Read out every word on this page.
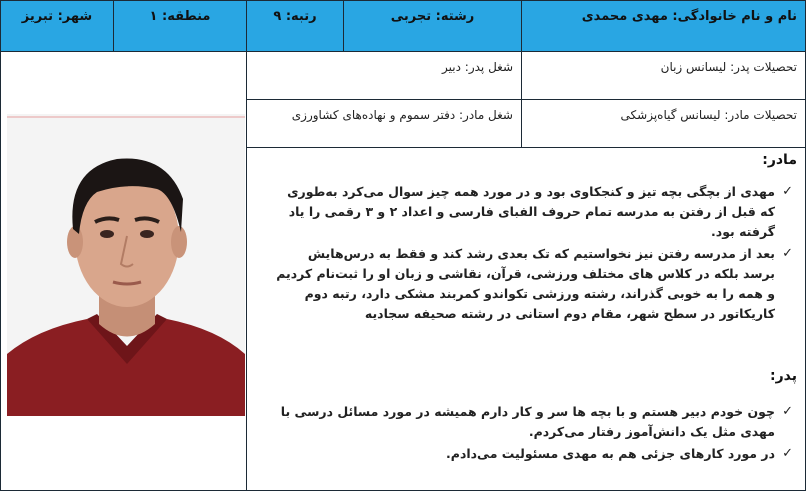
نام و نام خانوادگی: مهدی محمدی
رشته: تجربی
رتبه: ۹
منطقه: ۱
شهر: تبریز
تحصیلات پدر: لیسانس زبان
شغل پدر: دبیر
تحصیلات مادر: لیسانس گیاه‌پزشکی
شغل مادر: دفتر سموم و نهاده‌های کشاورزی
مادر:
✓
مهدی از بچگی بچه تیز و کنجکاوی بود و در مورد همه چیز سوال می‌کرد به‌طوری که قبل از رفتن به مدرسه تمام حروف الفبای فارسی و اعداد ۲ و ۳ رقمی را یاد گرفته بود.
✓
بعد از مدرسه رفتن نیز نخواستیم که تک بعدی رشد کند و فقط به درس‌هایش برسد بلکه در کلاس های مختلف ورزشی، قرآن، نقاشی و زبان او را ثبت‌نام کردیم و همه را به خوبی گذراند، رشته ورزشی تکواندو کمربند مشکی دارد، رتبه دوم کاریکاتور در سطح شهر، مقام دوم استانی در رشته صحیفه سجادیه
پدر:
✓
چون خودم دبیر هستم و با بچه ها سر و کار دارم همیشه در مورد مسائل درسی با مهدی مثل یک دانش‌آموز رفتار می‌کردم.
✓
در مورد کارهای جزئی هم به مهدی مسئولیت می‌دادم.
